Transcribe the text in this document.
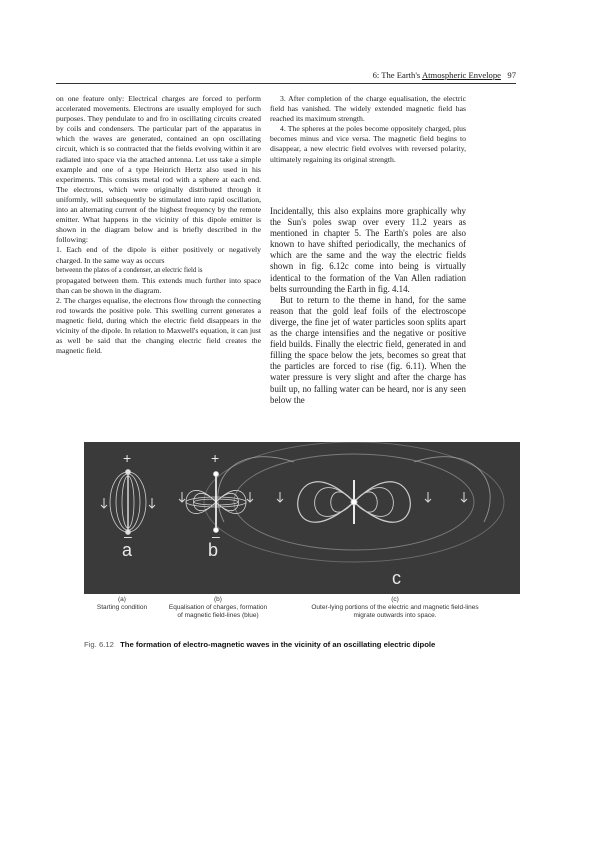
6: The Earth's Atmospheric Envelope 97

on one feature only: Electrical charges are forced to perform accelerated movements. Electrons are usually employed for such purposes. They pendulate to and fro in oscillating circuits created by coils and condensers. The particular part of the apparatus in which the waves are generated, contained an opn oscillating circuit, which is so contracted that the fields evolving within it are radiated into space via the attached antenna. Let uss take a simple example and one of a type Heinrich Hertz also used in his experiments. This consists metal rod with a sphere at each end. The electrons, which were originally distributed through it uniformly, will subsequently be stimulated into rapid oscillation, into an alternating current of the highest frequency by the remote emitter. What happens in the vicinity of this dipole emitter is shown in the diagram below and is briefly described in the following:

1. Each end of the dipole is either positively or negatively charged. In the same way as occurs

betweenn the plates of a condenser, an electric field is

propagated between them. This extends much further into space than can be shown in the diagram.

2. The charges equalise, the electrons flow through the connecting rod towards the positive pole. This swelling current generates a magnetic field, during which the electric field disappears in the vicinity of the dipole. In relation to Maxwell's equation, it can just as well be said that the changing electric field creates the magnetic field.

3. After completion of the charge equalisation, the electric field has vanished. The widely extended magnetic field has reached its maximum strength.

4. The spheres at the poles become oppositely charged, plus becomes minus and vice versa. The magnetic field begins to disappear, a new electric field evolves with reversed polarity, ultimately regaining its original strength.

Incidentally, this also explains more graphically why the Sun's poles swap over every 11.2 years as mentioned in chapter 5. The Earth's poles are also known to have shifted periodically, the mechanics of which are the same and the way the electric fields shown in fig. 6.12c come into being is virtually identical to the formation of the Van Allen radiation belts surrounding the Earth in fig. 4.14.

But to return to the theme in hand, for the same reason that the gold leaf foils of the electroscope diverge, the fine jet of water particles soon splits apart as the charge intensifies and the negative or positive field builds. Finally the electric field, generated in and filling the space below the jets, becomes so great that the particles are forced to rise (fig. 6.11). When the water pressure is very slight and after the charge has built up, no falling water can be heard, nor is any seen below the

+
–
+
–
a	b
c
(a)
Starting condition
(b)
Equalisation of charges, formation of magnetic field-lines (blue)
(c)
Outer-lying portions of the electric and magnetic field-lines migrate outwards into space.
Fig. 6.12 The formation of electro-magnetic waves in the vicinity of an oscillating electric dipole
